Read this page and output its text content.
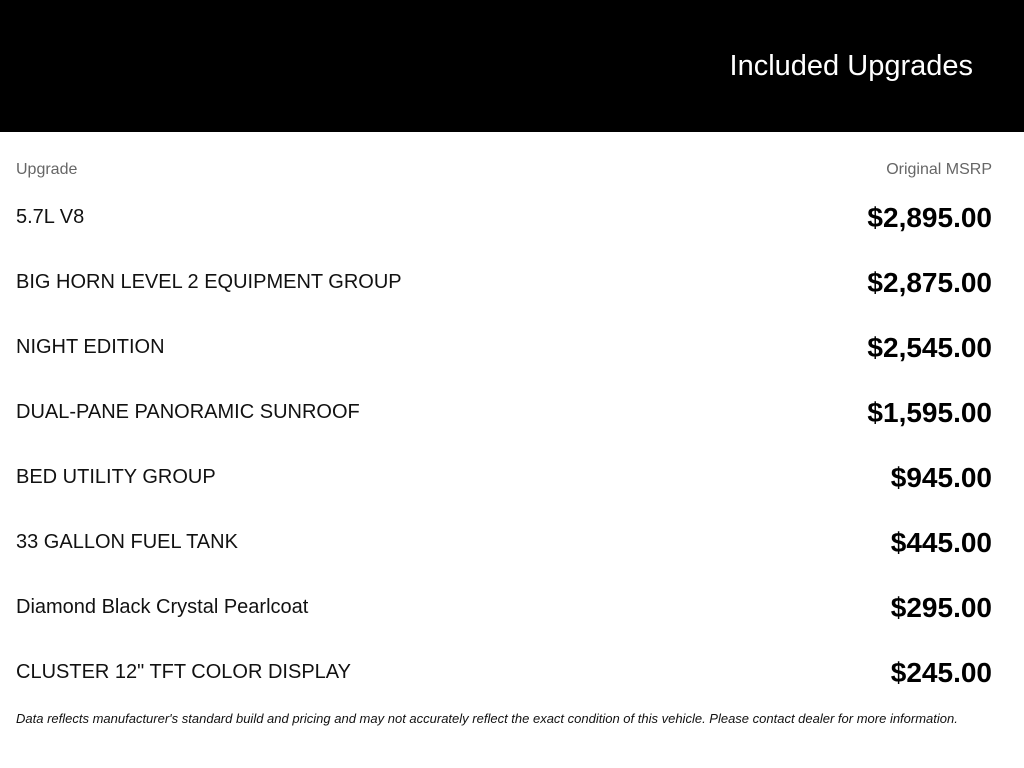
Included Upgrades
Upgrade	Original MSRP
5.7L V8	$2,895.00
BIG HORN LEVEL 2 EQUIPMENT GROUP	$2,875.00
NIGHT EDITION	$2,545.00
DUAL-PANE PANORAMIC SUNROOF	$1,595.00
BED UTILITY GROUP	$945.00
33 GALLON FUEL TANK	$445.00
Diamond Black Crystal Pearlcoat	$295.00
CLUSTER 12" TFT COLOR DISPLAY	$245.00
Data reflects manufacturer's standard build and pricing and may not accurately reflect the exact condition of this vehicle. Please contact dealer for more information.
